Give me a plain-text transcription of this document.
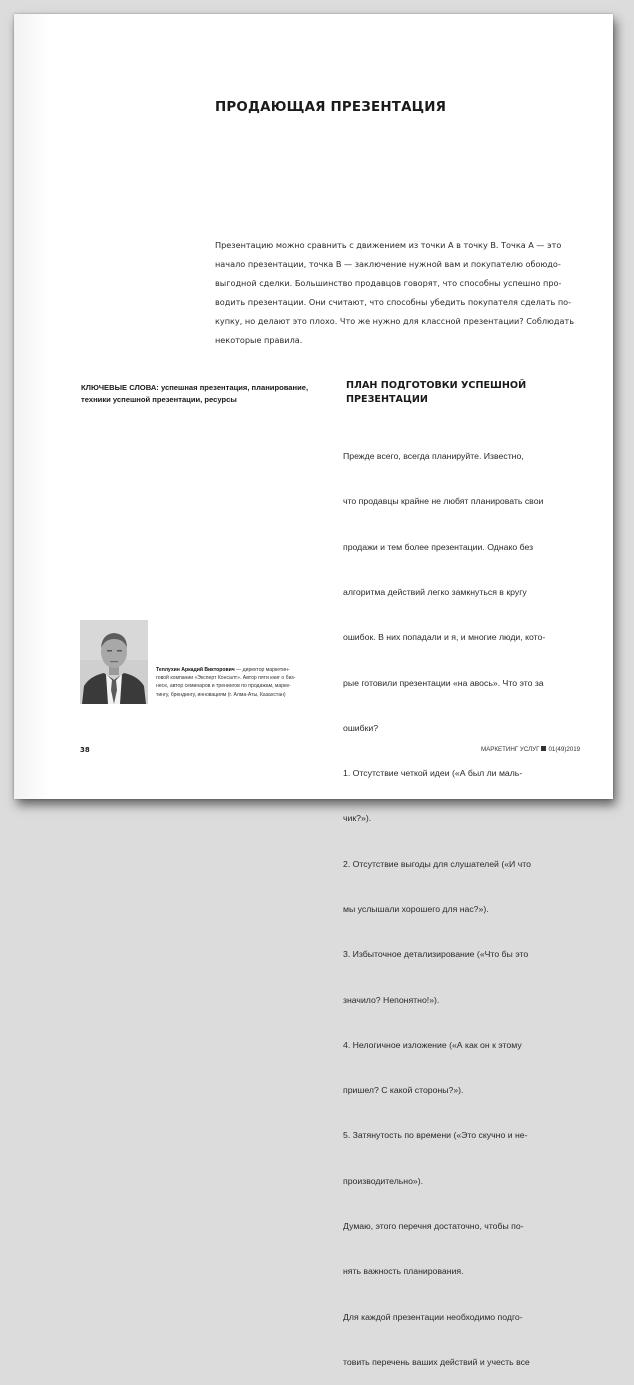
ПРОДАЮЩАЯ ПРЕЗЕНТАЦИЯ
Презентацию можно сравнить с движением из точки А в точку В. Точка А — это
начало презентации, точка В — заключение нужной вам и покупателю обоюдо-
выгодной сделки. Большинство продавцов говорят, что способны успешно про-
водить презентации. Они считают, что способны убедить покупателя сделать по-
купку, но делают это плохо. Что же нужно для классной презентации? Соблюдать
некоторые правила.
КЛЮЧЕВЫЕ СЛОВА: успешная презентация, планирование,
техники успешной презентации, ресурсы
Теплухин Аркадий Викторович — директор маркетин-
говой компании «Эксперт Консалт». Автор пяти книг о биз-
несе, автор семинаров и тренингов по продажам, марке-
тингу, брендингу, инновациям (г. Алма-Аты, Казахстан)
ПЛАН ПОДГОТОВКИ УСПЕШНОЙ
ПРЕЗЕНТАЦИИ

Прежде всего, всегда планируйте. Известно,

что продавцы крайне не любят планировать свои

продажи и тем более презентации. Однако без

алгоритма действий легко замкнуться в кругу

ошибок. В них попадали и я, и многие люди, кото-

рые готовили презентации «на авось». Что это за

ошибки?

1. Отсутствие четкой идеи («А был ли маль-

чик?»).

2. Отсутствие выгоды для слушателей («И что

мы услышали хорошего для нас?»).

3. Избыточное детализирование («Что бы это

значило? Непонятно!»).

4. Нелогичное изложение («А как он к этому

пришел? С какой стороны?»).

5. Затянутость по времени («Это скучно и не-

производительно»).

Думаю, этого перечня достаточно, чтобы по-

нять важность планирования.

Для каждой презентации необходимо подго-

товить перечень ваших действий и учесть все

38	МАРКЕТИНГ УСЛУГ 01(49)2019
